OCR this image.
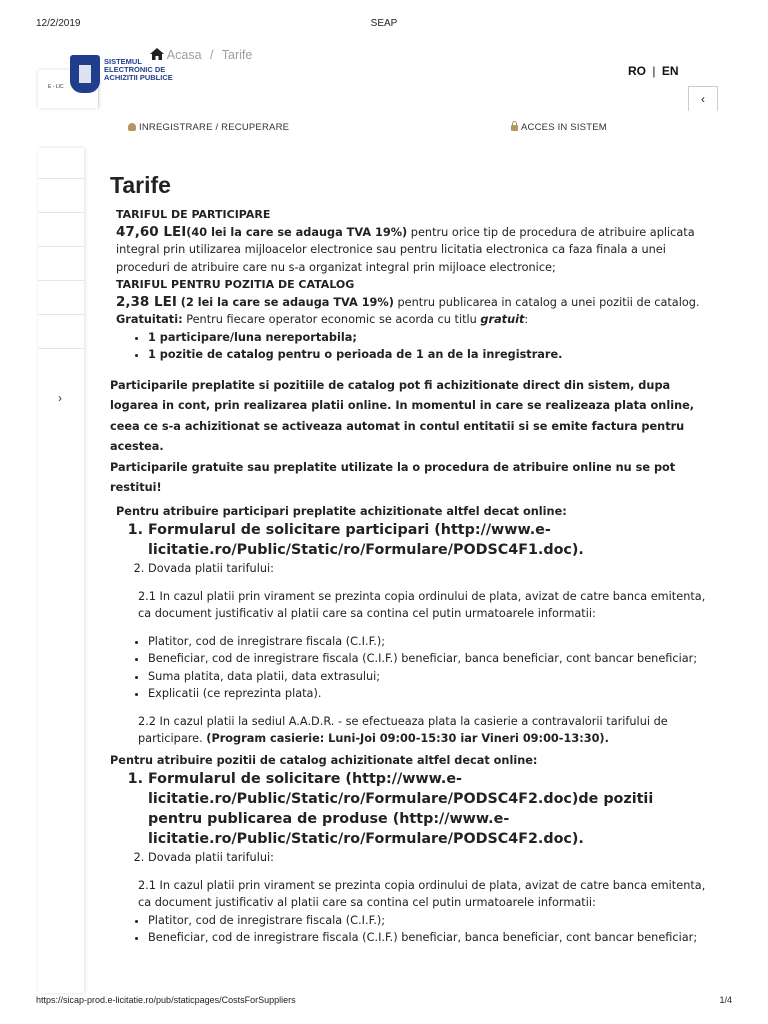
12/2/2019	SEAP
E - LIC
SISTEMUL ELECTRONIC DE ACHIZITII PUBLICE
Acasa / Tarife
RO | EN
‹
INREGISTRARE / RECUPERARE	ACCES IN SISTEM
›
Tarife

TARIFUL DE PARTICIPARE

47,60 LEI(40 lei la care se adauga TVA 19%) pentru orice tip de procedura de atribuire aplicata integral prin utilizarea mijloacelor electronice sau pentru licitatia electronica ca faza finala a unei proceduri de atribuire care nu s-a organizat integral prin mijloace electronice;

TARIFUL PENTRU POZITIA DE CATALOG

2,38 LEI (2 lei la care se adauga TVA 19%) pentru publicarea in catalog a unei pozitii de catalog.

Gratuitati: Pentru fiecare operator economic se acorda cu titlu gratuit:

• 1 participare/luna nereportabila;
• 1 pozitie de catalog pentru o perioada de 1 an de la inregistrare.

Participarile preplatite si pozitiile de catalog pot fi achizitionate direct din sistem, dupa logarea in cont, prin realizarea platii online. In momentul in care se realizeaza plata online, ceea ce s-a achizitionat se activeaza automat in contul entitatii si se emite factura pentru acestea.

Participarile gratuite sau preplatite utilizate la o procedura de atribuire online nu se pot restitui!

Pentru atribuire participari preplatite achizitionate altfel decat online:

1. Formularul de solicitare participari (http://www.e-licitatie.ro/Public/Static/ro/Formulare/PODSC4F1.doc).
2. Dovada platii tarifului:

2.1 In cazul platii prin virament se prezinta copia ordinului de plata, avizat de catre banca emitenta, ca document justificativ al platii care sa contina cel putin urmatoarele informatii:

• Platitor, cod de inregistrare fiscala (C.I.F.);
• Beneficiar, cod de inregistrare fiscala (C.I.F.) beneficiar, banca beneficiar, cont bancar beneficiar;
• Suma platita, data platii, data extrasului;
• Explicatii (ce reprezinta plata).

2.2 In cazul platii la sediul A.A.D.R. - se efectueaza plata la casierie a contravalorii tarifului de participare. (Program casierie: Luni-Joi 09:00-15:30 iar Vineri 09:00-13:30).

Pentru atribuire pozitii de catalog achizitionate altfel decat online:

1. Formularul de solicitare (http://www.e-licitatie.ro/Public/Static/ro/Formulare/PODSC4F2.doc)de pozitii pentru publicarea de produse (http://www.e-licitatie.ro/Public/Static/ro/Formulare/PODSC4F2.doc).
2. Dovada platii tarifului:

2.1 In cazul platii prin virament se prezinta copia ordinului de plata, avizat de catre banca emitenta, ca document justificativ al platii care sa contina cel putin urmatoarele informatii:

• Platitor, cod de inregistrare fiscala (C.I.F.);
• Beneficiar, cod de inregistrare fiscala (C.I.F.) beneficiar, banca beneficiar, cont bancar beneficiar;
https://sicap-prod.e-licitatie.ro/pub/staticpages/CostsForSuppliers	1/4
